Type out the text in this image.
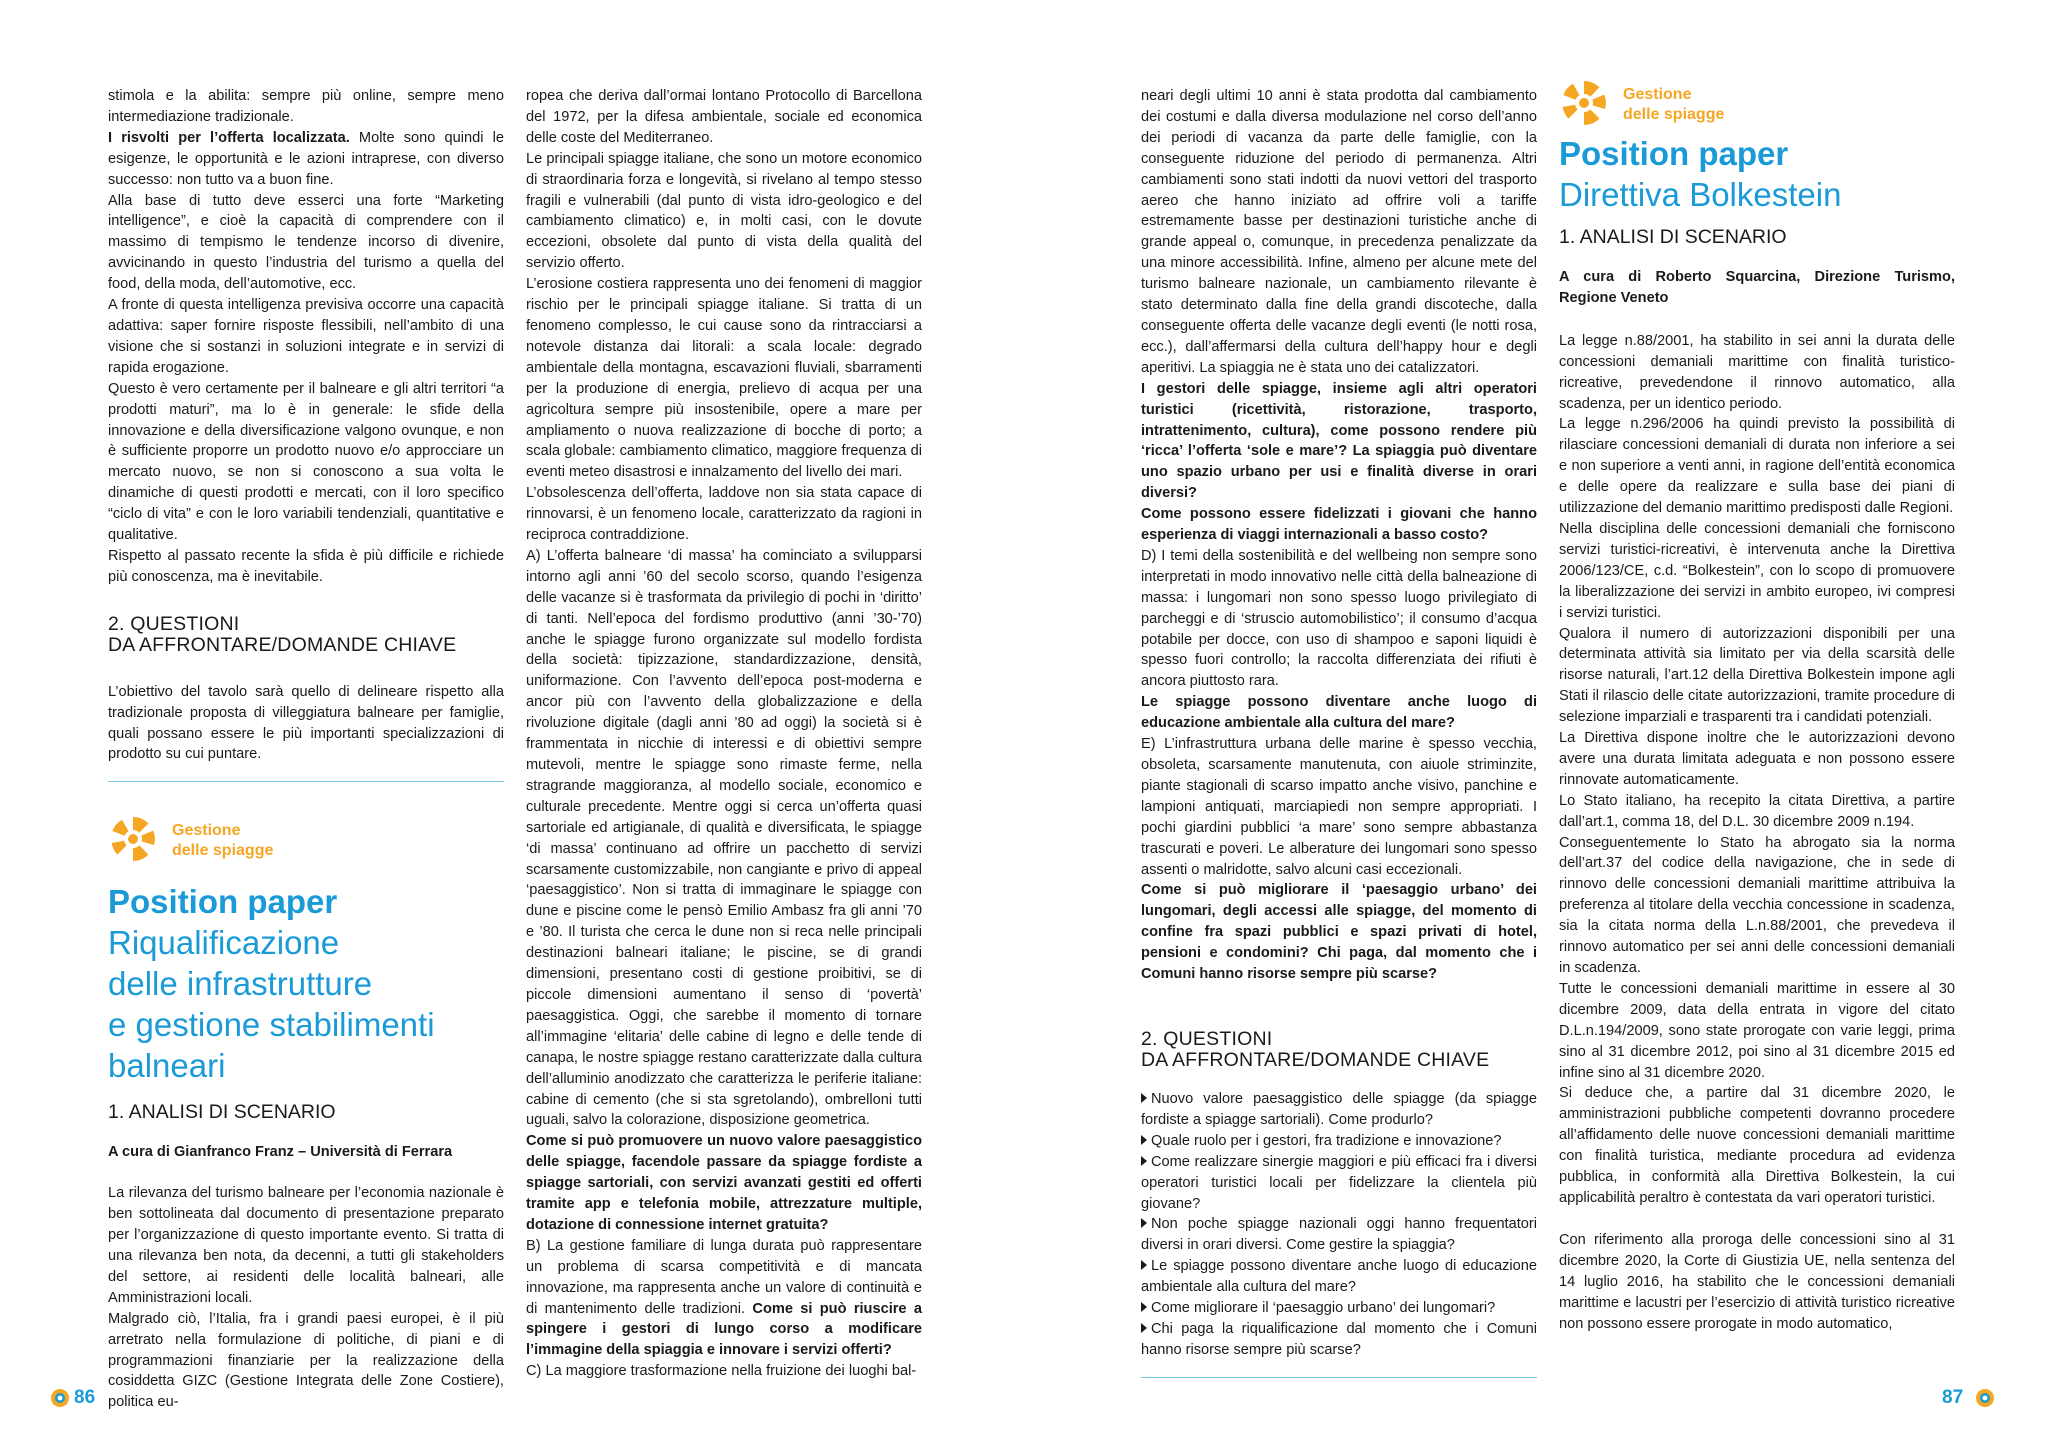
stimola e la abilita: sempre più online, sempre meno intermediazione tradizionale.

I risvolti per l’offerta localizzata. Molte sono quindi le esigenze, le opportunità e le azioni intraprese, con diverso successo: non tutto va a buon fine.

Alla base di tutto deve esserci una forte “Marketing intelligence”, e cioè la capacità di comprendere con il massimo di tempismo le tendenze incorso di divenire, avvicinando in questo l’industria del turismo a quella del food, della moda, dell’automotive, ecc.

A fronte di questa intelligenza previsiva occorre una capacità adattiva: saper fornire risposte flessibili, nell’ambito di una visione che si sostanzi in soluzioni integrate e in servizi di rapida erogazione.

Questo è vero certamente per il balneare e gli altri territori “a prodotti maturi”, ma lo è in generale: le sfide della innovazione e della diversificazione valgono ovunque, e non è sufficiente proporre un prodotto nuovo e/o approcciare un mercato nuovo, se non si conoscono a sua volta le dinamiche di questi prodotti e mercati, con il loro specifico “ciclo di vita” e con le loro variabili tendenziali, quantitative e qualitative.

Rispetto al passato recente la sfida è più difficile e richiede più conoscenza, ma è inevitabile.

2. QUESTIONI
DA AFFRONTARE/DOMANDE CHIAVE

L’obiettivo del tavolo sarà quello di delineare rispetto alla tradizionale proposta di villeggiatura balneare per famiglie, quali possano essere le più importanti specializzazioni di prodotto su cui puntare.

Gestione
delle spiagge
Position paper
Riqualificazione
delle infrastrutture
e gestione stabilimenti
balneari
1. ANALISI DI SCENARIO

A cura di Gianfranco Franz – Università di Ferrara

La rilevanza del turismo balneare per l’economia nazionale è ben sottolineata dal documento di presentazione preparato per l’organizzazione di questo importante evento. Si tratta di una rilevanza ben nota, da decenni, a tutti gli stakeholders del settore, ai residenti delle località balneari, alle Amministrazioni locali.

Malgrado ciò, l’Italia, fra i grandi paesi europei, è il più arretrato nella formulazione di politiche, di piani e di programmazioni finanziarie per la realizzazione della cosiddetta GIZC (Gestione Integrata delle Zone Costiere), politica eu-

ropea che deriva dall’ormai lontano Protocollo di Barcellona del 1972, per la difesa ambientale, sociale ed economica delle coste del Mediterraneo.

Le principali spiagge italiane, che sono un motore economico di straordinaria forza e longevità, si rivelano al tempo stesso fragili e vulnerabili (dal punto di vista idro-geologico e del cambiamento climatico) e, in molti casi, con le dovute eccezioni, obsolete dal punto di vista della qualità del servizio offerto.

L’erosione costiera rappresenta uno dei fenomeni di maggior rischio per le principali spiagge italiane. Si tratta di un fenomeno complesso, le cui cause sono da rintracciarsi a notevole distanza dai litorali: a scala locale: degrado ambientale della montagna, escavazioni fluviali, sbarramenti per la produzione di energia, prelievo di acqua per una agricoltura sempre più insostenibile, opere a mare per ampliamento o nuova realizzazione di bocche di porto; a scala globale: cambiamento climatico, maggiore frequenza di eventi meteo disastrosi e innalzamento del livello dei mari.

L’obsolescenza dell’offerta, laddove non sia stata capace di rinnovarsi, è un fenomeno locale, caratterizzato da ragioni in reciproca contraddizione.

A) L’offerta balneare ‘di massa’ ha cominciato a svilupparsi intorno agli anni ’60 del secolo scorso, quando l’esigenza delle vacanze si è trasformata da privilegio di pochi in ‘diritto’ di tanti. Nell’epoca del fordismo produttivo (anni ’30-’70) anche le spiagge furono organizzate sul modello fordista della società: tipizzazione, standardizzazione, densità, uniformazione. Con l’avvento dell’epoca post-moderna e ancor più con l’avvento della globalizzazione e della rivoluzione digitale (dagli anni ’80 ad oggi) la società si è frammentata in nicchie di interessi e di obiettivi sempre mutevoli, mentre le spiagge sono rimaste ferme, nella stragrande maggioranza, al modello sociale, economico e culturale precedente. Mentre oggi si cerca un’offerta quasi sartoriale ed artigianale, di qualità e diversificata, le spiagge ‘di massa’ continuano ad offrire un pacchetto di servizi scarsamente customizzabile, non cangiante e privo di appeal ‘paesaggistico’. Non si tratta di immaginare le spiagge con dune e piscine come le pensò Emilio Ambasz fra gli anni ’70 e ’80. Il turista che cerca le dune non si reca nelle principali destinazioni balneari italiane; le piscine, se di grandi dimensioni, presentano costi di gestione proibitivi, se di piccole dimensioni aumentano il senso di ‘povertà’ paesaggistica. Oggi, che sarebbe il momento di tornare all’immagine ‘elitaria’ delle cabine di legno e delle tende di canapa, le nostre spiagge restano caratterizzate dalla cultura dell’alluminio anodizzato che caratterizza le periferie italiane: cabine di cemento (che si sta sgretolando), ombrelloni tutti uguali, salvo la colorazione, disposizione geometrica.

Come si può promuovere un nuovo valore paesaggistico delle spiagge, facendole passare da spiagge fordiste a spiagge sartoriali, con servizi avanzati gestiti ed offerti tramite app e telefonia mobile, attrezzature multiple, dotazione di connessione internet gratuita?

B) La gestione familiare di lunga durata può rappresentare un problema di scarsa competitività e di mancata innovazione, ma rappresenta anche un valore di continuità e di mantenimento delle tradizioni. Come si può riuscire a spingere i gestori di lungo corso a modificare l’immagine della spiaggia e innovare i servizi offerti?

C) La maggiore trasformazione nella fruizione dei luoghi bal-

86

neari degli ultimi 10 anni è stata prodotta dal cambiamento dei costumi e dalla diversa modulazione nel corso dell’anno dei periodi di vacanza da parte delle famiglie, con la conseguente riduzione del periodo di permanenza. Altri cambiamenti sono stati indotti da nuovi vettori del trasporto aereo che hanno iniziato ad offrire voli a tariffe estremamente basse per destinazioni turistiche anche di grande appeal o, comunque, in precedenza penalizzate da una minore accessibilità. Infine, almeno per alcune mete del turismo balneare nazionale, un cambiamento rilevante è stato determinato dalla fine della grandi discoteche, dalla conseguente offerta delle vacanze degli eventi (le notti rosa, ecc.), dall’affermarsi della cultura dell’happy hour e degli aperitivi. La spiaggia ne è stata uno dei catalizzatori.

I gestori delle spiagge, insieme agli altri operatori turistici (ricettività, ristorazione, trasporto, intrattenimento, cultura), come possono rendere più ‘ricca’ l’offerta ‘sole e mare’? La spiaggia può diventare uno spazio urbano per usi e finalità diverse in orari diversi?

Come possono essere fidelizzati i giovani che hanno esperienza di viaggi internazionali a basso costo?

D) I temi della sostenibilità e del wellbeing non sempre sono interpretati in modo innovativo nelle città della balneazione di massa: i lungomari non sono spesso luogo privilegiato di parcheggi e di ‘struscio automobilistico’; il consumo d’acqua potabile per docce, con uso di shampoo e saponi liquidi è spesso fuori controllo; la raccolta differenziata dei rifiuti è ancora piuttosto rara.

Le spiagge possono diventare anche luogo di educazione ambientale alla cultura del mare?

E) L’infrastruttura urbana delle marine è spesso vecchia, obsoleta, scarsamente manutenuta, con aiuole striminzite, piante stagionali di scarso impatto anche visivo, panchine e lampioni antiquati, marciapiedi non sempre appropriati. I pochi giardini pubblici ‘a mare’ sono sempre abbastanza trascurati e poveri. Le alberature dei lungomari sono spesso assenti o malridotte, salvo alcuni casi eccezionali.

Come si può migliorare il ‘paesaggio urbano’ dei lungomari, degli accessi alle spiagge, del momento di confine fra spazi pubblici e spazi privati di hotel, pensioni e condomini? Chi paga, dal momento che i Comuni hanno risorse sempre più scarse?

2. QUESTIONI
DA AFFRONTARE/DOMANDE CHIAVE

Nuovo valore paesaggistico delle spiagge (da spiagge fordiste a spiagge sartoriali). Come produrlo?

Quale ruolo per i gestori, fra tradizione e innovazione?

Come realizzare sinergie maggiori e più efficaci fra i diversi operatori turistici locali per fidelizzare la clientela più giovane?

Non poche spiagge nazionali oggi hanno frequentatori diversi in orari diversi. Come gestire la spiaggia?

Le spiagge possono diventare anche luogo di educazione ambientale alla cultura del mare?

Come migliorare il ‘paesaggio urbano’ dei lungomari?

Chi paga la riqualificazione dal momento che i Comuni hanno risorse sempre più scarse?

Gestione
delle spiagge
Position paper
Direttiva Bolkestein
1. ANALISI DI SCENARIO

A cura di Roberto Squarcina, Direzione Turismo, Regione Veneto

La legge n.88/2001, ha stabilito in sei anni la durata delle concessioni demaniali marittime con finalità turistico-ricreative, prevedendone il rinnovo automatico, alla scadenza, per un identico periodo.

La legge n.296/2006 ha quindi previsto la possibilità di rilasciare concessioni demaniali di durata non inferiore a sei e non superiore a venti anni, in ragione dell’entità economica e delle opere da realizzare e sulla base dei piani di utilizzazione del demanio marittimo predisposti dalle Regioni.

Nella disciplina delle concessioni demaniali che forniscono servizi turistici-ricreativi, è intervenuta anche la Direttiva 2006/123/CE, c.d. “Bolkestein”, con lo scopo di promuovere la liberalizzazione dei servizi in ambito europeo, ivi compresi i servizi turistici.

Qualora il numero di autorizzazioni disponibili per una determinata attività sia limitato per via della scarsità delle risorse naturali, l’art.12 della Direttiva Bolkestein impone agli Stati il rilascio delle citate autorizzazioni, tramite procedure di selezione imparziali e trasparenti tra i candidati potenziali.

La Direttiva dispone inoltre che le autorizzazioni devono avere una durata limitata adeguata e non possono essere rinnovate automaticamente.

Lo Stato italiano, ha recepito la citata Direttiva, a partire dall’art.1, comma 18, del D.L. 30 dicembre 2009 n.194.

Conseguentemente lo Stato ha abrogato sia la norma dell’art.37 del codice della navigazione, che in sede di rinnovo delle concessioni demaniali marittime attribuiva la preferenza al titolare della vecchia concessione in scadenza, sia la citata norma della L.n.88/2001, che prevedeva il rinnovo automatico per sei anni delle concessioni demaniali in scadenza.

Tutte le concessioni demaniali marittime in essere al 30 dicembre 2009, data della entrata in vigore del citato D.L.n.194/2009, sono state prorogate con varie leggi, prima sino al 31 dicembre 2012, poi sino al 31 dicembre 2015 ed infine sino al 31 dicembre 2020.

Si deduce che, a partire dal 31 dicembre 2020, le amministrazioni pubbliche competenti dovranno procedere all’affidamento delle nuove concessioni demaniali marittime con finalità turistica, mediante procedura ad evidenza pubblica, in conformità alla Direttiva Bolkestein, la cui applicabilità peraltro è contestata da vari operatori turistici.

Con riferimento alla proroga delle concessioni sino al 31 dicembre 2020, la Corte di Giustizia UE, nella sentenza del 14 luglio 2016, ha stabilito che le concessioni demaniali marittime e lacustri per l’esercizio di attività turistico ricreative non possono essere prorogate in modo automatico,

87
